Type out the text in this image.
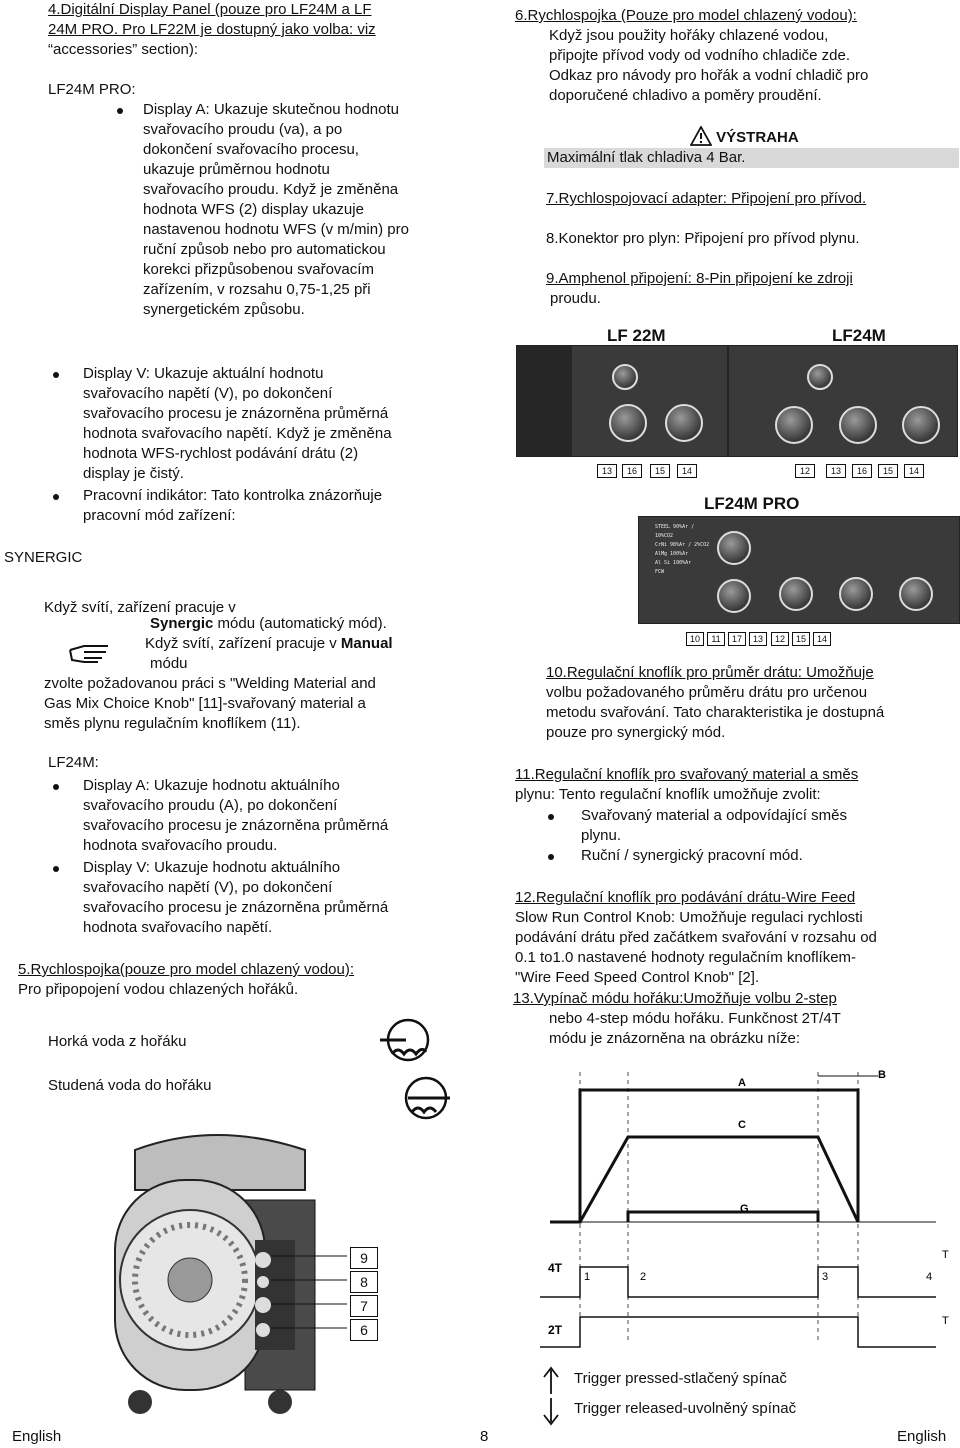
4.Digitální Display Panel (pouze pro LF24M a LF
24M PRO. Pro LF22M je dostupný jako volba: viz
“accessories” section):
LF24M PRO:
Display A: Ukazuje skutečnou hodnotu
svařovacího proudu (va), a po
dokončení svařovacího procesu,
ukazuje průměrnou hodnotu
svařovacího proudu. Když je změněna
hodnota WFS (2) display ukazuje
nastavenou hodnotu WFS (v m/min) pro
ruční způsob nebo pro automatickou
korekci přizpůsobenou svařovacím
zařízením, v rozsahu 0,75-1,25 při
synergetickém způsobu.
Display V: Ukazuje aktuální hodnotu
svařovacího napětí (V), po dokončení
svařovacího procesu je znázorněna průměrná
hodnota svařovacího napětí. Když je změněna
hodnota WFS-rychlost podávání drátu (2)
display je čistý.
Pracovní indikátor: Tato kontrolka znázorňuje
pracovní mód zařízení:
SYNERGIC
Když svítí, zařízení pracuje v
Synergic módu (automatický mód).
Když svítí, zařízení pracuje v Manual
módu
zvolte požadovanou práci s "Welding Material and
Gas Mix Choice Knob" [11]-svařovaný material a
směs plynu regulačním knoflíkem (11).
LF24M:
Display A: Ukazuje hodnotu aktuálního
svařovacího proudu (A), po dokončení
svařovacího procesu je znázorněna průměrná
hodnota svařovacího proudu.
Display V: Ukazuje hodnotu aktuálního
svařovacího napětí (V), po dokončení
svařovacího procesu je znázorněna průměrná
hodnota svařovacího napětí.
5.Rychlospojka(pouze pro model chlazený vodou):
Pro připopojení vodou chlazených hořáků.
Horká voda z hořáku
Studená voda do hořáku
9
8
7
6
6.Rychlospojka (Pouze pro model chlazený vodou):
Když jsou použity hořáky chlazené vodou,
připojte přívod vody od vodního chladiče zde.
Odkaz pro návody pro hořák a vodní chladič pro
doporučené chladivo a poměry proudění.
VÝSTRAHA
Maximální tlak chladiva 4 Bar.
7.Rychlospojovací adapter: Připojení pro přívod.
8.Konektor pro plyn: Připojení pro přívod plynu.
9.Amphenol připojení: 8-Pin připojení ke zdroji
proudu.
LF 22M	LF24M
13	16	15	14	12	13	16	15	14
LF24M PRO
STEEL 90%Ar / 10%CO2
CrNi 98%Ar / 2%CO2
AlMg 100%Ar
Al Si 100%Ar
FCW
10	11	17	13	12	15	14
10.Regulační knoflík pro průměr drátu: Umožňuje
volbu požadovaného průměru drátu pro určenou
metodu svařování. Tato charakteristika je dostupná
pouze pro synergický mód.
11.Regulační knoflík pro svařovaný material a směs
plynu: Tento regulační knoflík umožňuje zvolit:
Svařovaný material a odpovídající směs
plynu.
Ruční / synergický pracovní mód.
12.Regulační knoflík pro podávání drátu-Wire Feed
Slow Run Control Knob: Umožňuje regulaci rychlosti
podávání drátu před začátkem svařování v rozsahu od
0.1 to1.0 nastavené hodnoty regulačním knoflíkem-
"Wire Feed Speed Control Knob" [2].
13.Vypínač módu hořáku:Umožňuje volbu 2-step
nebo 4-step módu hořáku. Funkčnost 2T/4T
módu je znázorněna na obrázku níže:
A
B
C
G
4T
2T
1	2	3	4
T
T
Trigger pressed-stlačený spínač
Trigger released-uvolněný spínač
English	8	English
